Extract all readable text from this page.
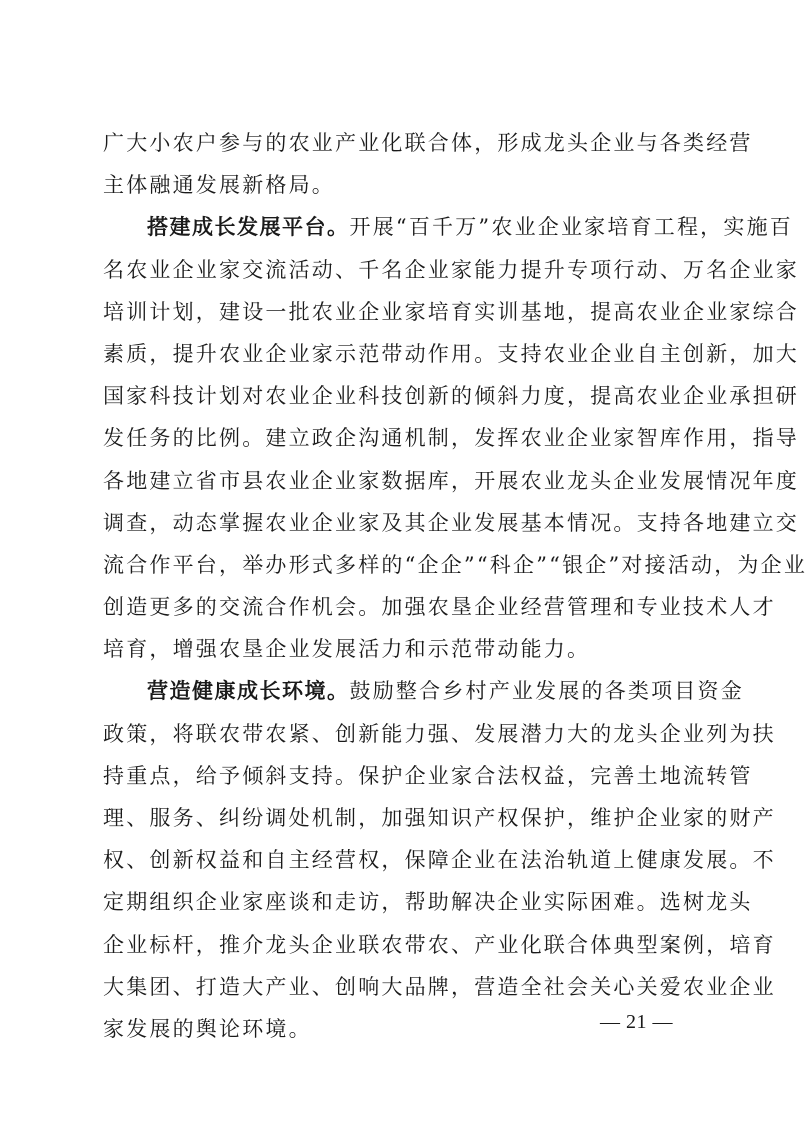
广大小农户参与的农业产业化联合体，形成龙头企业与各类经营
主体融通发展新格局。
搭建成长发展平台。开展“百千万”农业企业家培育工程，实施百
名农业企业家交流活动、千名企业家能力提升专项行动、万名企业家
培训计划，建设一批农业企业家培育实训基地，提高农业企业家综合
素质，提升农业企业家示范带动作用。支持农业企业自主创新，加大
国家科技计划对农业企业科技创新的倾斜力度，提高农业企业承担研
发任务的比例。建立政企沟通机制，发挥农业企业家智库作用，指导
各地建立省市县农业企业家数据库，开展农业龙头企业发展情况年度
调查，动态掌握农业企业家及其企业发展基本情况。支持各地建立交
流合作平台，举办形式多样的“企企”“科企”“银企”对接活动，为企业
创造更多的交流合作机会。加强农垦企业经营管理和专业技术人才
培育，增强农垦企业发展活力和示范带动能力。
营造健康成长环境。鼓励整合乡村产业发展的各类项目资金
政策，将联农带农紧、创新能力强、发展潜力大的龙头企业列为扶
持重点，给予倾斜支持。保护企业家合法权益，完善土地流转管
理、服务、纠纷调处机制，加强知识产权保护，维护企业家的财产
权、创新权益和自主经营权，保障企业在法治轨道上健康发展。不
定期组织企业家座谈和走访，帮助解决企业实际困难。选树龙头
企业标杆，推介龙头企业联农带农、产业化联合体典型案例，培育
大集团、打造大产业、创响大品牌，营造全社会关心关爱农业企业
家发展的舆论环境。	— 21 —
